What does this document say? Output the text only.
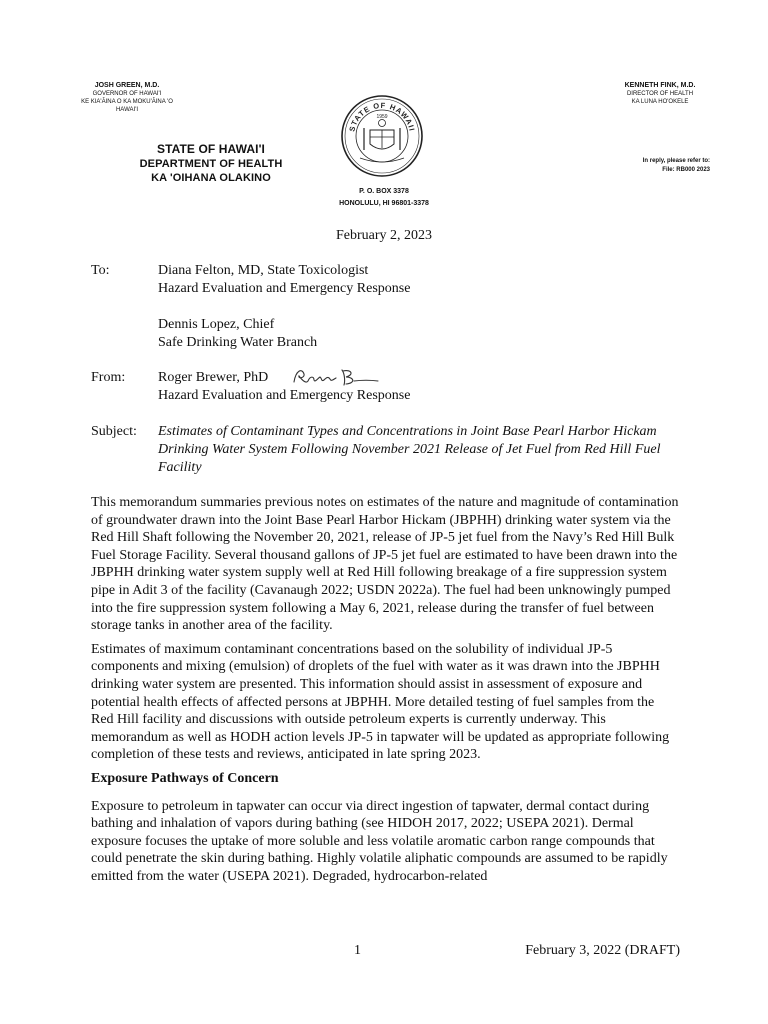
JOSH GREEN, M.D.
GOVERNOR OF HAWAI'I
KE KIA'ĀINA O KA MOKU'ĀINA 'O HAWAI'I
KENNETH FINK, M.D.
DIRECTOR OF HEALTH
KA LUNA HO'OKELE
STATE OF HAWAII
1959
STATE OF HAWAI'I
DEPARTMENT OF HEALTH
KA 'OIHANA OLAKINO
In reply, please refer to:
File: RB000 2023
P. O. BOX 3378
HONOLULU, HI 96801-3378
February 2, 2023
To:	Diana Felton, MD, State Toxicologist
Hazard Evaluation and Emergency Response
Dennis Lopez, Chief
Safe Drinking Water Branch
From:	Roger Brewer, PhD
Hazard Evaluation and Emergency Response
Subject:	Estimates of Contaminant Types and Concentrations in Joint Base Pearl Harbor Hickam Drinking Water System Following November 2021 Release of Jet Fuel from Red Hill Fuel Facility

This memorandum summaries previous notes on estimates of the nature and magnitude of contamination of groundwater drawn into the Joint Base Pearl Harbor Hickam (JBPHH) drinking water system via the Red Hill Shaft following the November 20, 2021, release of JP-5 jet fuel from the Navy’s Red Hill Bulk Fuel Storage Facility. Several thousand gallons of JP-5 jet fuel are estimated to have been drawn into the JBPHH drinking water system supply well at Red Hill following breakage of a fire suppression system pipe in Adit 3 of the facility (Cavanaugh 2022; USDN 2022a). The fuel had been unknowingly pumped into the fire suppression system following a May 6, 2021, release during the transfer of fuel between storage tanks in another area of the facility.

Estimates of maximum contaminant concentrations based on the solubility of individual JP-5 components and mixing (emulsion) of droplets of the fuel with water as it was drawn into the JBPHH drinking water system are presented. This information should assist in assessment of exposure and potential health effects of affected persons at JBPHH. More detailed testing of fuel samples from the Red Hill facility and discussions with outside petroleum experts is currently underway. This memorandum as well as HODH action levels JP-5 in tapwater will be updated as appropriate following completion of these tests and reviews, anticipated in late spring 2023.

Exposure Pathways of Concern

Exposure to petroleum in tapwater can occur via direct ingestion of tapwater, dermal contact during bathing and inhalation of vapors during bathing (see HIDOH 2017, 2022; USEPA 2021). Dermal exposure focuses the uptake of more soluble and less volatile aromatic carbon range compounds that could penetrate the skin during bathing. Highly volatile aliphatic compounds are assumed to be rapidly emitted from the water (USEPA 2021). Degraded, hydrocarbon-related

1	February 3, 2022 (DRAFT)
